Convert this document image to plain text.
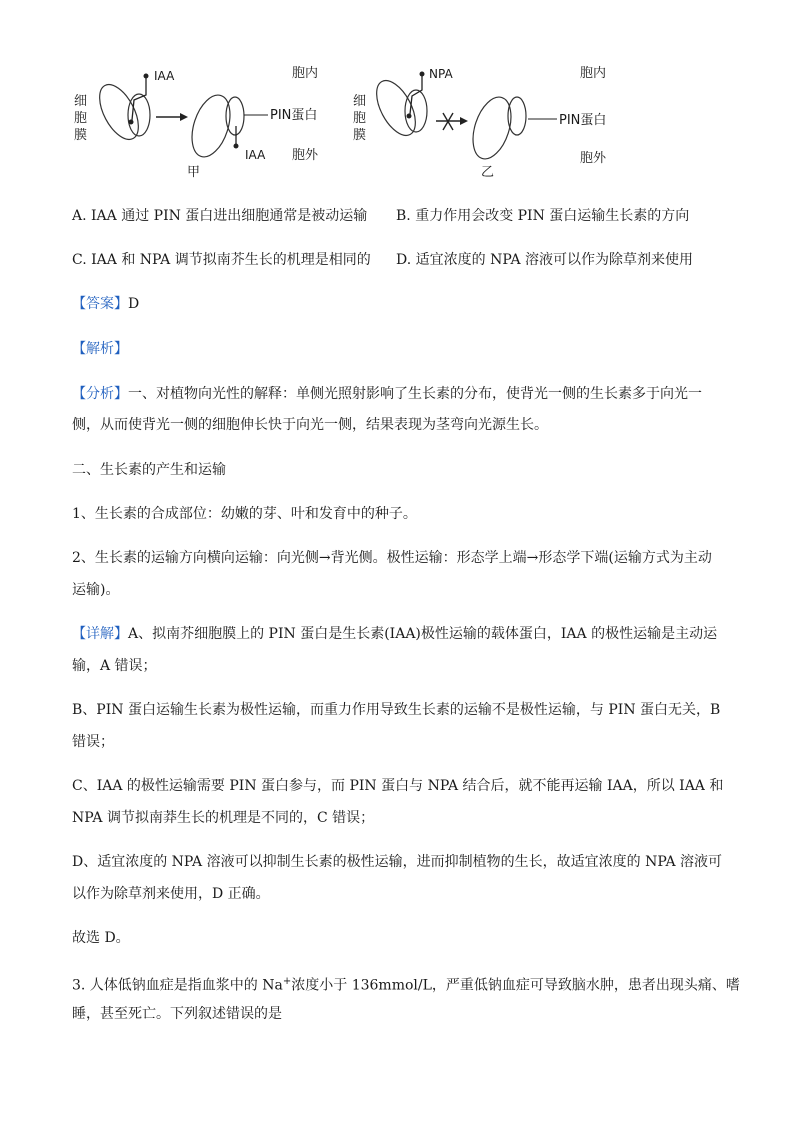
细
胞
膜
IAA
PIN蛋白
IAA
胞内
胞外
甲
细
胞
膜
NPA
PIN蛋白
胞内
胞外
乙
A. IAA 通过 PIN 蛋白进出细胞通常是被动运输 B. 重力作用会改变 PIN 蛋白运输生长素的方向
C. IAA 和 NPA 调节拟南芥生长的机理是相同的 D. 适宜浓度的 NPA 溶液可以作为除草剂来使用
【答案】D
【解析】
【分析】一、对植物向光性的解释：单侧光照射影响了生长素的分布，使背光一侧的生长素多于向光一
侧，从而使背光一侧的细胞伸长快于向光一侧，结果表现为茎弯向光源生长。
二、生长素的产生和运输
1、生长素的合成部位：幼嫩的芽、叶和发育中的种子。
2、生长素的运输方向横向运输：向光侧→背光侧。极性运输：形态学上端→形态学下端(运输方式为主动
运输)。
【详解】A、拟南芥细胞膜上的 PIN 蛋白是生长素(IAA)极性运输的载体蛋白，IAA 的极性运输是主动运
输，A 错误；
B、PIN 蛋白运输生长素为极性运输，而重力作用导致生长素的运输不是极性运输，与 PIN 蛋白无关，B
错误；
C、IAA 的极性运输需要 PIN 蛋白参与，而 PIN 蛋白与 NPA 结合后，就不能再运输 IAA，所以 IAA 和
NPA 调节拟南莽生长的机理是不同的，C 错误；
D、适宜浓度的 NPA 溶液可以抑制生长素的极性运输，进而抑制植物的生长，故适宜浓度的 NPA 溶液可
以作为除草剂来使用，D 正确。
故选 D。
3. 人体低钠血症是指血浆中的 Na+浓度小于 136mmol/L，严重低钠血症可导致脑水肿，患者出现头痛、嗜
睡，甚至死亡。下列叙述错误的是
